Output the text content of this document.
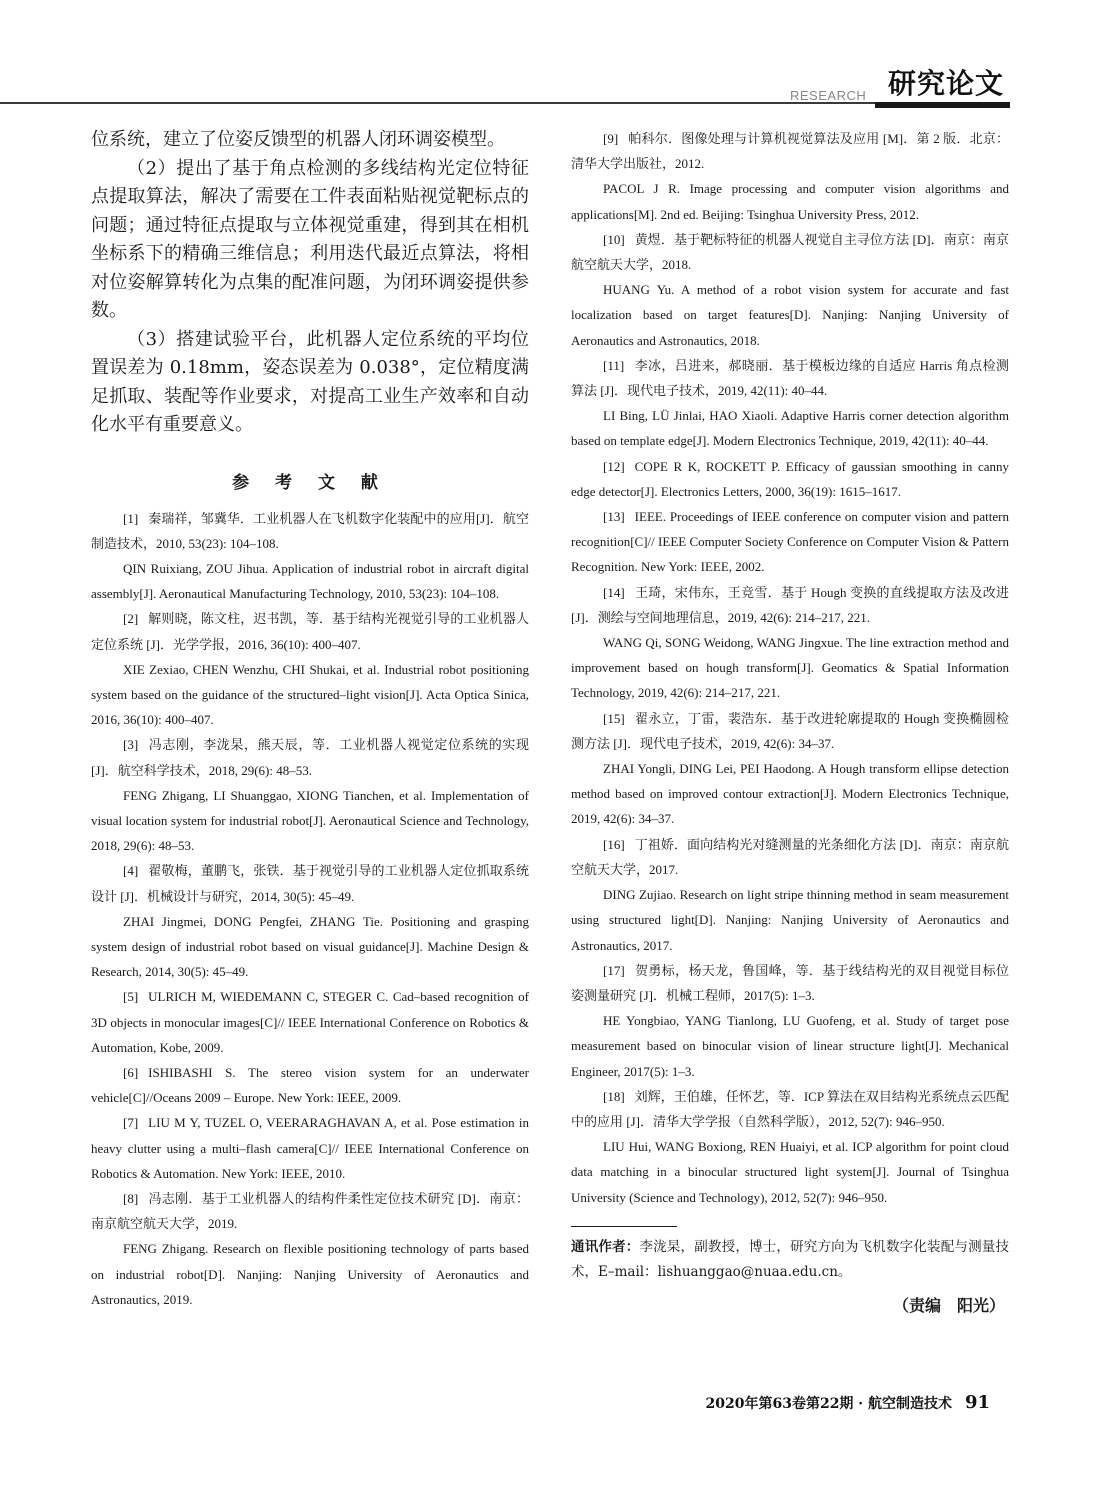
RESEARCH 研究论文

位系统，建立了位姿反馈型的机器人闭环调姿模型。

（2）提出了基于角点检测的多线结构光定位特征点提取算法，解决了需要在工件表面粘贴视觉靶标点的问题；通过特征点提取与立体视觉重建，得到其在相机坐标系下的精确三维信息；利用迭代最近点算法，将相对位姿解算转化为点集的配准问题，为闭环调姿提供参数。

（3）搭建试验平台，此机器人定位系统的平均位置误差为 0.18mm，姿态误差为 0.038°，定位精度满足抓取、装配等作业要求，对提高工业生产效率和自动化水平有重要意义。

参 考 文 献

[1] 秦瑞祥，邹冀华．工业机器人在飞机数字化装配中的应用[J]．航空制造技术，2010, 53(23): 104–108.

QIN Ruixiang, ZOU Jihua. Application of industrial robot in aircraft digital assembly[J]. Aeronautical Manufacturing Technology, 2010, 53(23): 104–108.

[2] 解则晓，陈文柱，迟书凯，等．基于结构光视觉引导的工业机器人定位系统 [J]．光学学报，2016, 36(10): 400–407.

XIE Zexiao, CHEN Wenzhu, CHI Shukai, et al. Industrial robot positioning system based on the guidance of the structured–light vision[J]. Acta Optica Sinica, 2016, 36(10): 400–407.

[3] 冯志刚，李泷杲，熊天辰，等．工业机器人视觉定位系统的实现 [J]．航空科学技术，2018, 29(6): 48–53.

FENG Zhigang, LI Shuanggao, XIONG Tianchen, et al. Implementation of visual location system for industrial robot[J]. Aeronautical Science and Technology, 2018, 29(6): 48–53.

[4] 翟敬梅，董鹏飞，张铁．基于视觉引导的工业机器人定位抓取系统设计 [J]．机械设计与研究，2014, 30(5): 45–49.

ZHAI Jingmei, DONG Pengfei, ZHANG Tie. Positioning and grasping system design of industrial robot based on visual guidance[J]. Machine Design & Research, 2014, 30(5): 45–49.

[5] ULRICH M, WIEDEMANN C, STEGER C. Cad–based recognition of 3D objects in monocular images[C]// IEEE International Conference on Robotics & Automation, Kobe, 2009.

[6] ISHIBASHI S. The stereo vision system for an underwater vehicle[C]//Oceans 2009 – Europe. New York: IEEE, 2009.

[7] LIU M Y, TUZEL O, VEERARAGHAVAN A, et al. Pose estimation in heavy clutter using a multi–flash camera[C]// IEEE International Conference on Robotics & Automation. New York: IEEE, 2010.

[8] 冯志刚．基于工业机器人的结构件柔性定位技术研究 [D]．南京：南京航空航天大学，2019.

FENG Zhigang. Research on flexible positioning technology of parts based on industrial robot[D]. Nanjing: Nanjing University of Aeronautics and Astronautics, 2019.

[9] 帕科尔．图像处理与计算机视觉算法及应用 [M]．第 2 版．北京：清华大学出版社，2012.

PACOL J R. Image processing and computer vision algorithms and applications[M]. 2nd ed. Beijing: Tsinghua University Press, 2012.

[10] 黄煜．基于靶标特征的机器人视觉自主寻位方法 [D]．南京：南京航空航天大学，2018.

HUANG Yu. A method of a robot vision system for accurate and fast localization based on target features[D]. Nanjing: Nanjing University of Aeronautics and Astronautics, 2018.

[11] 李冰，吕进来，郝晓丽．基于模板边缘的自适应 Harris 角点检测算法 [J]．现代电子技术，2019, 42(11): 40–44.

LI Bing, LÜ Jinlai, HAO Xiaoli. Adaptive Harris corner detection algorithm based on template edge[J]. Modern Electronics Technique, 2019, 42(11): 40–44.

[12] COPE R K, ROCKETT P. Efficacy of gaussian smoothing in canny edge detector[J]. Electronics Letters, 2000, 36(19): 1615–1617.

[13] IEEE. Proceedings of IEEE conference on computer vision and pattern recognition[C]// IEEE Computer Society Conference on Computer Vision & Pattern Recognition. New York: IEEE, 2002.

[14] 王琦，宋伟东，王竞雪．基于 Hough 变换的直线提取方法及改进 [J]．测绘与空间地理信息，2019, 42(6): 214–217, 221.

WANG Qi, SONG Weidong, WANG Jingxue. The line extraction method and improvement based on hough transform[J]. Geomatics & Spatial Information Technology, 2019, 42(6): 214–217, 221.

[15] 翟永立，丁雷，裴浩东．基于改进轮廓提取的 Hough 变换椭圆检测方法 [J]．现代电子技术，2019, 42(6): 34–37.

ZHAI Yongli, DING Lei, PEI Haodong. A Hough transform ellipse detection method based on improved contour extraction[J]. Modern Electronics Technique, 2019, 42(6): 34–37.

[16] 丁祖娇．面向结构光对缝测量的光条细化方法 [D]．南京：南京航空航天大学，2017.

DING Zujiao. Research on light stripe thinning method in seam measurement using structured light[D]. Nanjing: Nanjing University of Aeronautics and Astronautics, 2017.

[17] 贺勇标，杨天龙，鲁国峰，等．基于线结构光的双目视觉目标位姿测量研究 [J]．机械工程师，2017(5): 1–3.

HE Yongbiao, YANG Tianlong, LU Guofeng, et al. Study of target pose measurement based on binocular vision of linear structure light[J]. Mechanical Engineer, 2017(5): 1–3.

[18] 刘辉，王伯雄，任怀艺，等．ICP 算法在双目结构光系统点云匹配中的应用 [J]．清华大学学报（自然科学版），2012, 52(7): 946–950.

LIU Hui, WANG Boxiong, REN Huaiyi, et al. ICP algorithm for point cloud data matching in a binocular structured light system[J]. Journal of Tsinghua University (Science and Technology), 2012, 52(7): 946–950.

通讯作者：李泷杲，副教授，博士，研究方向为飞机数字化装配与测量技术，E–mail：lishuanggao@nuaa.edu.cn。

（责编　阳光）
2020年第63卷第22期 · 航空制造技术 91
